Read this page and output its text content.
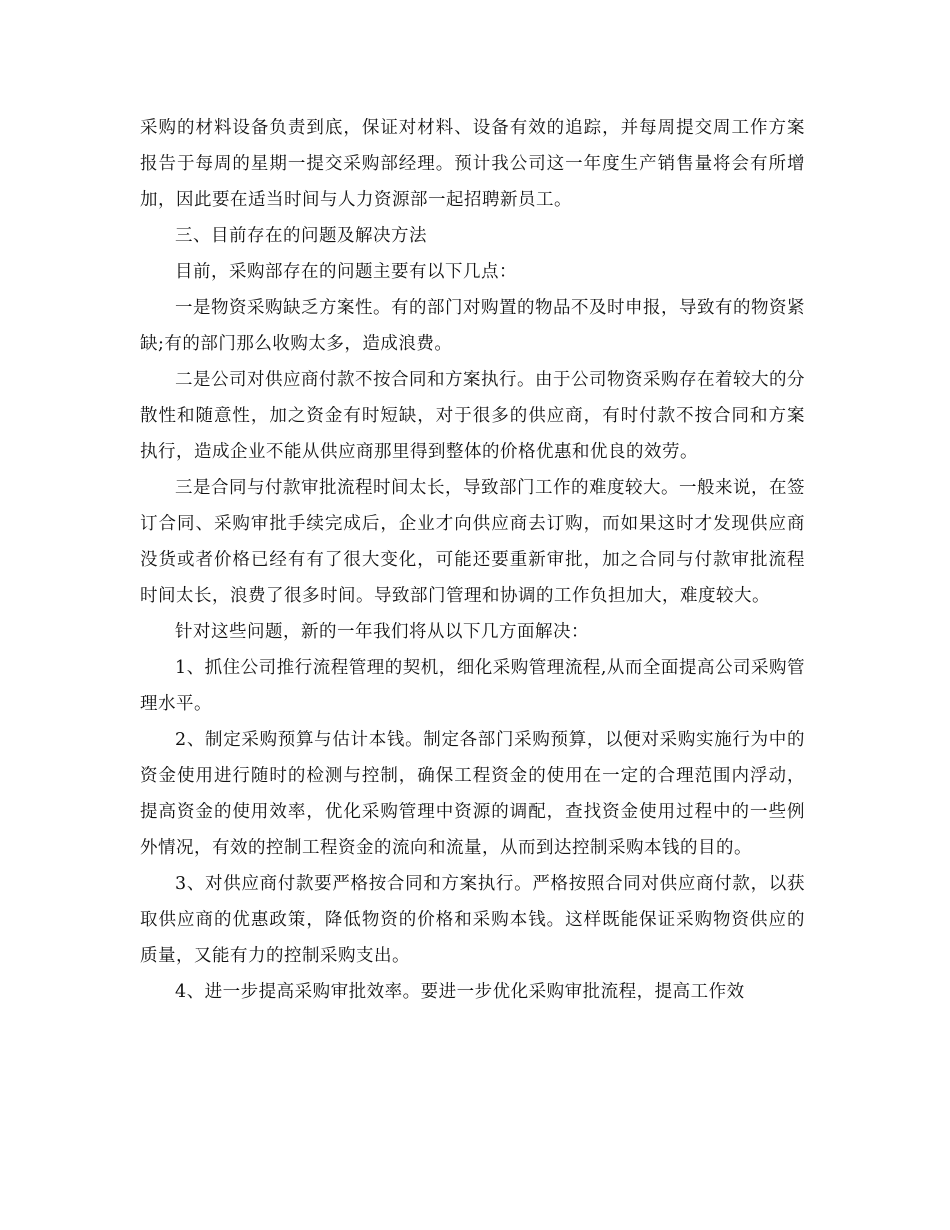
采购的材料设备负责到底，保证对材料、设备有效的追踪，并每周提交周工作方案报告于每周的星期一提交采购部经理。预计我公司这一年度生产销售量将会有所增加，因此要在适当时间与人力资源部一起招聘新员工。

三、目前存在的问题及解决方法

目前，采购部存在的问题主要有以下几点：

一是物资采购缺乏方案性。有的部门对购置的物品不及时申报，导致有的物资紧缺;有的部门那么收购太多，造成浪费。

二是公司对供应商付款不按合同和方案执行。由于公司物资采购存在着较大的分散性和随意性，加之资金有时短缺，对于很多的供应商，有时付款不按合同和方案执行，造成企业不能从供应商那里得到整体的价格优惠和优良的效劳。

三是合同与付款审批流程时间太长，导致部门工作的难度较大。一般来说，在签订合同、采购审批手续完成后，企业才向供应商去订购，而如果这时才发现供应商没货或者价格已经有有了很大变化，可能还要重新审批，加之合同与付款审批流程时间太长，浪费了很多时间。导致部门管理和协调的工作负担加大，难度较大。

针对这些问题，新的一年我们将从以下几方面解决：

1、抓住公司推行流程管理的契机，细化采购管理流程,从而全面提高公司采购管理水平。

2、制定采购预算与估计本钱。制定各部门采购预算，以便对采购实施行为中的资金使用进行随时的检测与控制，确保工程资金的使用在一定的合理范围内浮动，提高资金的使用效率，优化采购管理中资源的调配，查找资金使用过程中的一些例外情况，有效的控制工程资金的流向和流量，从而到达控制采购本钱的目的。

3、对供应商付款要严格按合同和方案执行。严格按照合同对供应商付款，以获取供应商的优惠政策，降低物资的价格和采购本钱。这样既能保证采购物资供应的质量，又能有力的控制采购支出。

4、进一步提高采购审批效率。要进一步优化采购审批流程，提高工作效
